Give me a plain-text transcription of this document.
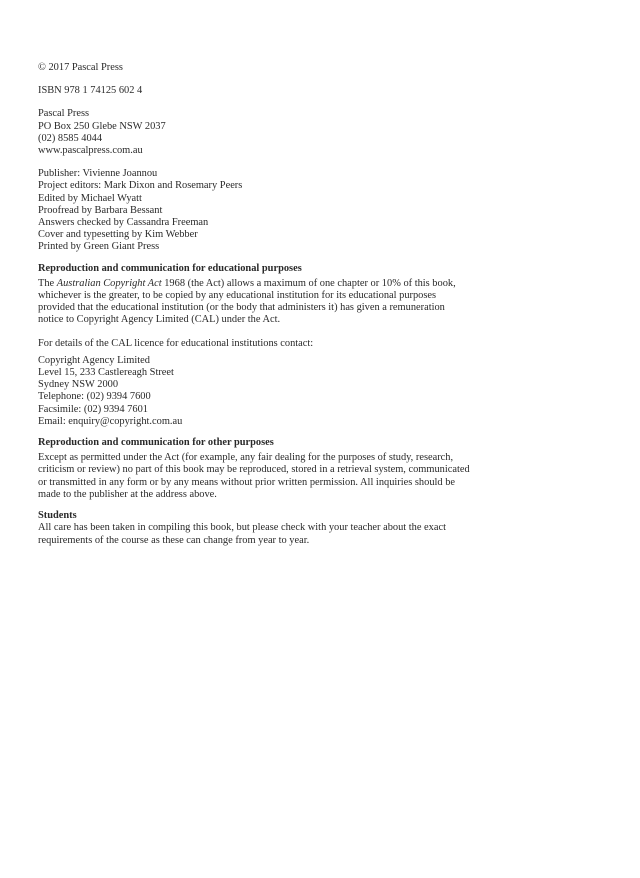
© 2017 Pascal Press
ISBN 978 1 74125 602 4
Pascal Press
PO Box 250 Glebe NSW 2037
(02) 8585 4044
www.pascalpress.com.au
Publisher: Vivienne Joannou
Project editors: Mark Dixon and Rosemary Peers
Edited by Michael Wyatt
Proofread by Barbara Bessant
Answers checked by Cassandra Freeman
Cover and typesetting by Kim Webber
Printed by Green Giant Press
Reproduction and communication for educational purposes
The Australian Copyright Act 1968 (the Act) allows a maximum of one chapter or 10% of this book,
whichever is the greater, to be copied by any educational institution for its educational purposes
provided that the educational institution (or the body that administers it) has given a remuneration
notice to Copyright Agency Limited (CAL) under the Act.
For details of the CAL licence for educational institutions contact:
Copyright Agency Limited
Level 15, 233 Castlereagh Street
Sydney NSW 2000
Telephone: (02) 9394 7600
Facsimile: (02) 9394 7601
Email: enquiry@copyright.com.au
Reproduction and communication for other purposes
Except as permitted under the Act (for example, any fair dealing for the purposes of study, research,
criticism or review) no part of this book may be reproduced, stored in a retrieval system, communicated
or transmitted in any form or by any means without prior written permission. All inquiries should be
made to the publisher at the address above.
Students
All care has been taken in compiling this book, but please check with your teacher about the exact
requirements of the course as these can change from year to year.
